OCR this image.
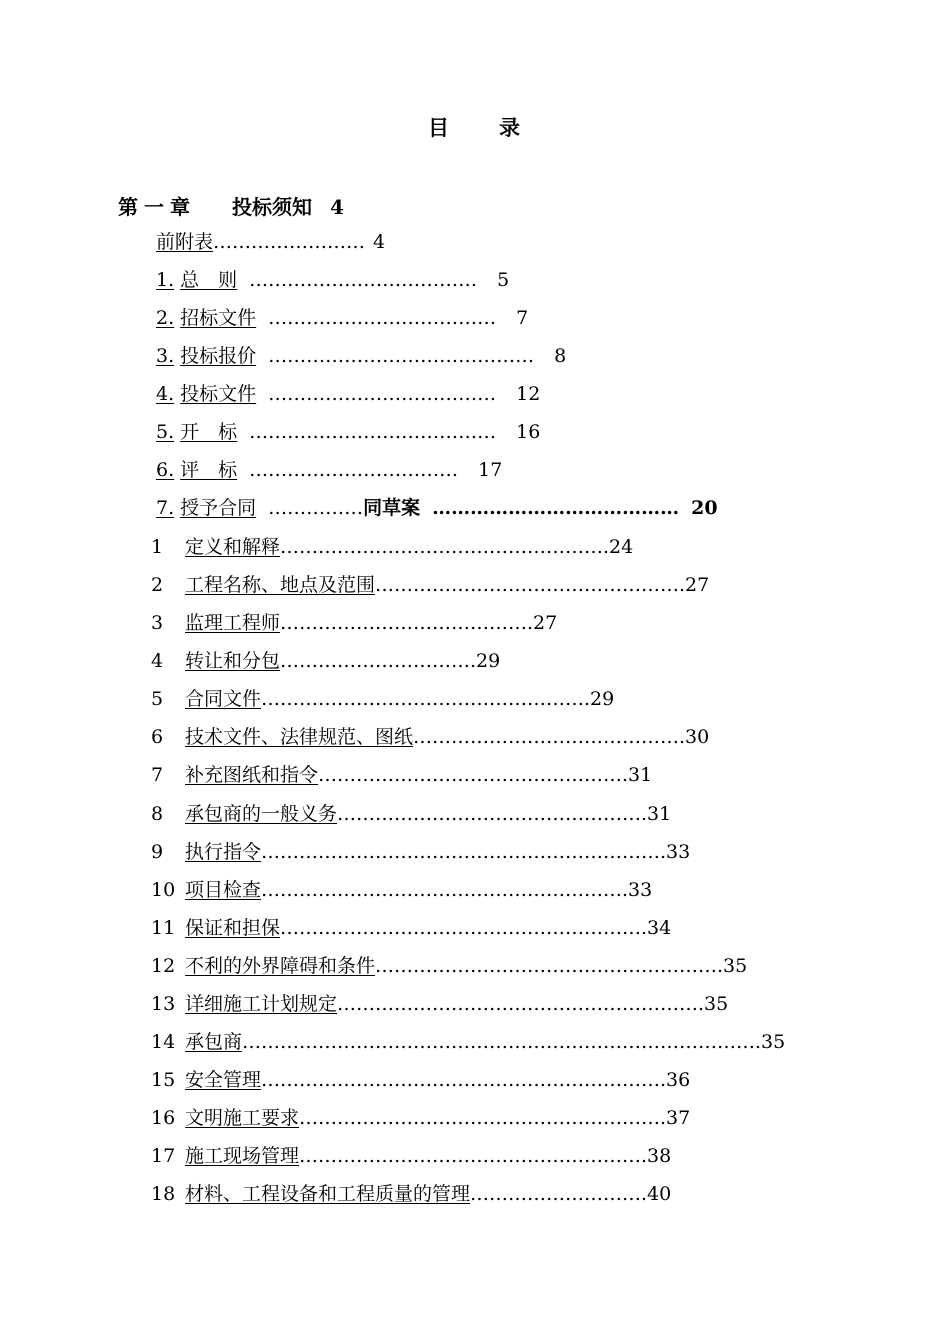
目 录
第一章 投标须知 4
前附表…………………… 4
1. 总　则 ……………………………… 5
2. 招标文件 ……………………………… 7
3. 投标报价 …………………………………… 8
4. 投标文件 ……………………………… 12
5. 开　标 ………………………………… 16
6. 评　标 …………………………… 17
7. 授予合同 ……………同草案 ………………………………… 20
1 定义和解释…………………………………………….24
2 工程名称、地点及范围………………………………………….27
3 监理工程师………………………………….27
4 转让和分包………………………….29
5 合同文件…………………………………………….29
6 技术文件、法律规范、图纸…………………………………….30
7 补充图纸和指令………………………………………….31
8 承包商的一般义务………………………………………….31
9 执行指令……………………………………………………….33
10 项目检查………………………………………………….33
11 保证和担保………………………………………………….34
12 不利的外界障碍和条件……………………………………………….35
13 详细施工计划规定………………………………………………….35
14 承包商……………………………………………………………………….35
15 安全管理……………………………………………………….36
16 文明施工要求………………………………………………….37
17 施工现场管理……………………………………………….38
18 材料、工程设备和工程质量的管理……………………….40
